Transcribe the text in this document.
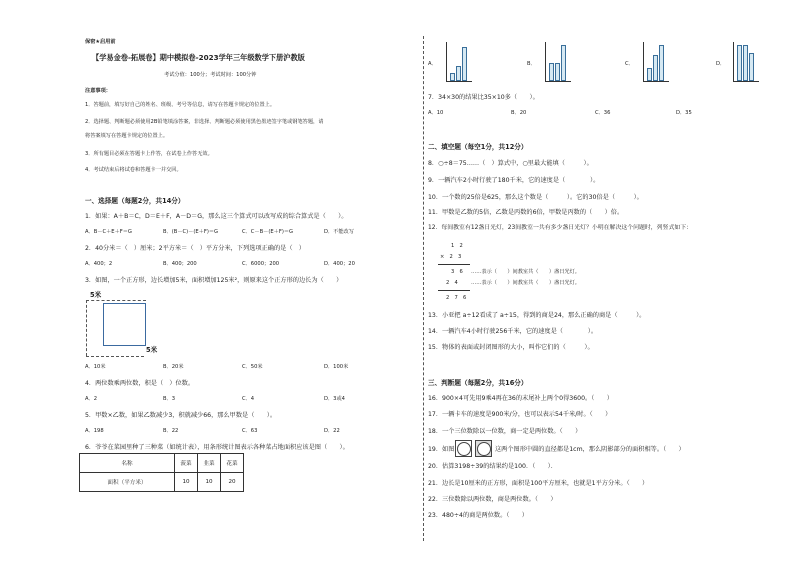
保密★启用前
【学易金卷-拓展卷】期中模拟卷-2023学年三年级数学下册沪教版
考试分值：100分；考试时间：100分钟
注意事项：
1．答题前，填写好自己的姓名、班级、考号等信息，请写在答题卡规定的位置上。
2．选择题、判断题必须使用2B铅笔填涂答案，非选择、判断题必须使用黑色墨迹签字笔或钢笔答题，请
将答案填写在答题卡规定的位置上。
3．所有题目必须在答题卡上作答，在试卷上作答无效。
4．考试结束后将试卷和答题卡一并交回。
一、选择题（每题2分，共14分）
1．如果：A＋B＝C，D＝E＋F，A－D＝G，那么这三个算式可以改写成的综合算式是（　　）。
A．B－C＋E＋F＝G	B．(B－C)－(E＋F)＝G	C．C－B－(E＋F)＝G	D．不能改写
2．40分米＝（　）厘米；2平方米＝（　）平方分米，下列选项正确的是（　）
A．400；2	B．400；200	C．6000；200	D．400；20
3．如图，一个正方形，边长增加5米，面积增加125米²，则原来这个正方形的边长为（　　）
5米
5米
A．10米	B．20米	C．50米	D．100米
4．两位数乘两位数，积是（　）位数。
A．2	B．3	C．4	D．3或4
5．甲数×乙数，如果乙数减少3，积就减少66，那么甲数是（　　）。
A．198	B．22	C．63	D．22
6．爷爷在菜园里种了三种菜（如统计表），用条形统计图表示各种菜占地面积应该是图（　　）。
名称	菠菜	韭菜	花菜
面积（平方米）	10	10	20
A．	B．	C．	D．
7．34×30的结果比35×10多（　　）。
A．10	B．20	C．36	D．35
二、填空题（每空1分，共12分）
8．○÷8＝75……（　）算式中，○里最大能填（　　　）。
9．一辆汽车2小时行驶了180千米，它的速度是（　　　　）。
10．一个数的25倍是625，那么这个数是（　　　）。它的30倍是（　　　）。
11．甲数是乙数的5倍，乙数是丙数的6倍，甲数是丙数的（　　）倍。
12．每间教室有12盏日光灯，23间教室一共有多少盏日光灯？小明在解决这个问题时，列竖式如下：
1　2
×　2　3
3　6 ……表示（　　）间教室共（　　）盏日光灯。
2　4	……表示（　　）间教室共（　　）盏日光灯。
2　7　6
13．小亚把 a÷12看成了 a÷15，得到的商是24，那么正确的商是（　　　）。
14．一辆汽车4小时行驶256千米，它的速度是（　　　　）。
15．物体的表面或封闭图形的大小，叫作它们的（　　　）。
三、判断题（每题2分，共16分）
16．900×4可先用9乘4再在36的末尾补上两个0得3600。（　　）
17．一辆卡车的速度是900米/分，也可以表示54千米/时。（　　）
18．一个三位数除以一位数，商一定是两位数。（　　）
19．如图，	这两个图形中圆的直径都是1cm，那么阴影部分的面积相等。（　　）
20．估算3198÷39的结果约是100．（　　）．
21．边长是10厘米的正方形，面积是100平方厘米，也就是1平方分米。（　　）
22．三位数除以两位数，商是两位数。（　　）
23．480÷4的商是两位数。（　　）
